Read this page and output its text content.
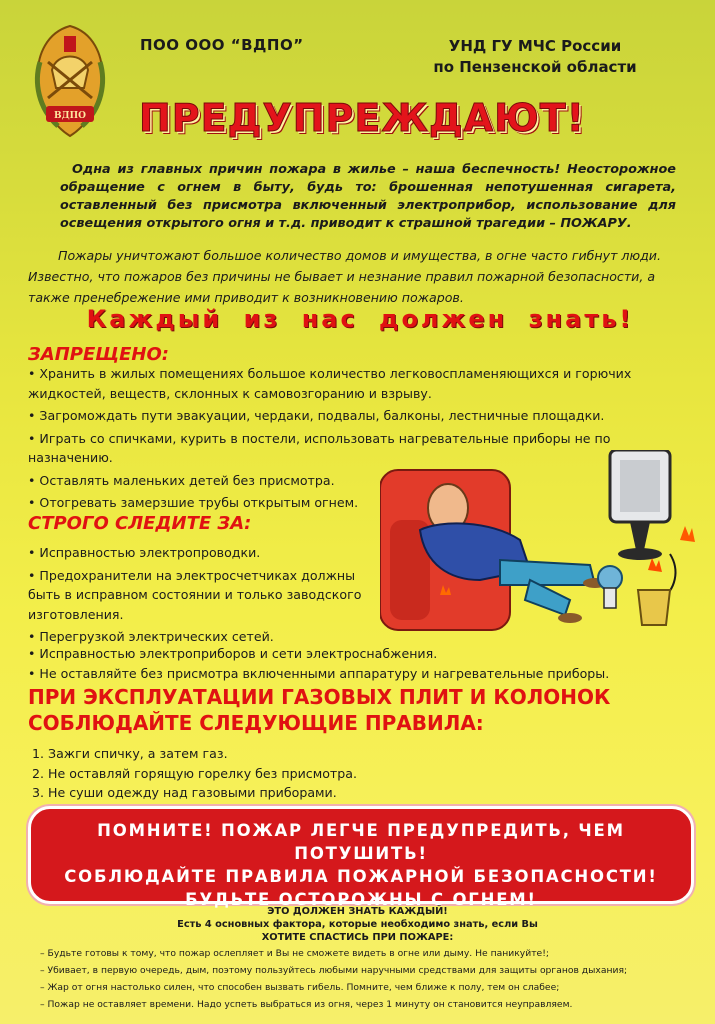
ВДПО
ПОО ООО “ВДПО”	УНД ГУ МЧС России
по Пензенской области
ПРЕДУПРЕЖДАЮТ!
Одна из главных причин пожара в жилье – наша беспечность! Неосторожное обращение с огнем в быту, будь то: брошенная непотушенная сигарета, оставленный без присмотра включенный электроприбор, использование для освещения открытого огня и т.д. приводит к страшной трагедии – ПОЖАРУ.
Пожары уничтожают большое количество домов и имущества, в огне часто гибнут люди. Известно, что пожаров без причины не бывает и незнание правил пожарной безопасности, а также пренебрежение ими приводит к возникновению пожаров.
Каждый из нас должен знать!
ЗАПРЕЩЕНО:
• Хранить в жилых помещениях большое количество легковоспламеняющихся и горючих жидкостей, веществ, склонных к самовозгоранию и взрыву.
• Загромождать пути эвакуации, чердаки, подвалы, балконы, лестничные площадки.
• Играть со спичками, курить в постели, использовать нагревательные приборы не по назначению.
• Оставлять маленьких детей без присмотра.
• Отогревать замерзшие трубы открытым огнем.
СТРОГО СЛЕДИТЕ ЗА:
• Исправностью электропроводки.
• Предохранители на электросчетчиках должны быть в исправном состоянии и только заводского изготовления.
• Перегрузкой электрических сетей.
• Исправностью электроприборов и сети электроснабжения.
• Не оставляйте без присмотра включенными аппаратуру и нагревательные приборы.
ПРИ ЭКСПЛУАТАЦИИ ГАЗОВЫХ ПЛИТ И КОЛОНОК
СОБЛЮДАЙТЕ СЛЕДУЮЩИЕ ПРАВИЛА:
1. Зажги спичку, а затем газ.
2. Не оставляй горящую горелку без присмотра.
3. Не суши одежду над газовыми приборами.
ПОМНИТЕ! ПОЖАР ЛЕГЧЕ ПРЕДУПРЕДИТЬ, ЧЕМ ПОТУШИТЬ!
СОБЛЮДАЙТЕ ПРАВИЛА ПОЖАРНОЙ БЕЗОПАСНОСТИ!
БУДЬТЕ ОСТОРОЖНЫ С ОГНЕМ!
ЭТО ДОЛЖЕН ЗНАТЬ КАЖДЫЙ!
Есть 4 основных фактора, которые необходимо знать, если Вы
ХОТИТЕ СПАСТИСЬ ПРИ ПОЖАРЕ:
– Будьте готовы к тому, что пожар ослепляет и Вы не сможете видеть в огне или дыму. Не паникуйте!;
– Убивает, в первую очередь, дым, поэтому пользуйтесь любыми наручными средствами для защиты органов дыхания;
– Жар от огня настолько силен, что способен вызвать гибель. Помните, чем ближе к полу, тем он слабее;
– Пожар не оставляет времени. Надо успеть выбраться из огня, через 1 минуту он становится неуправляем.
